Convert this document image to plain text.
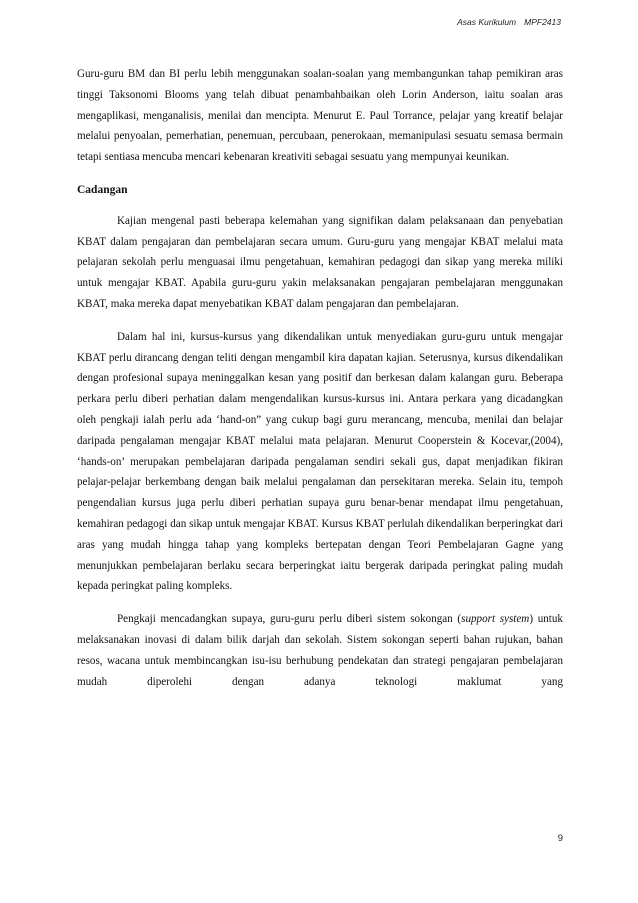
Asas Kurikulum MPF2413

Guru-guru BM dan BI perlu lebih menggunakan soalan-soalan yang membangunkan tahap pemikiran aras tinggi Taksonomi Blooms yang telah dibuat penambahbaikan oleh Lorin Anderson, iaitu soalan aras mengaplikasi, menganalisis, menilai dan mencipta. Menurut E. Paul Torrance, pelajar yang kreatif belajar melalui penyoalan, pemerhatian, penemuan, percubaan, penerokaan, memanipulasi sesuatu semasa bermain tetapi sentiasa mencuba mencari kebenaran kreativiti sebagai sesuatu yang mempunyai keunikan.

Cadangan

Kajian mengenal pasti beberapa kelemahan yang signifikan dalam pelaksanaan dan penyebatian KBAT dalam pengajaran dan pembelajaran secara umum. Guru-guru yang mengajar KBAT melalui mata pelajaran sekolah perlu menguasai ilmu pengetahuan, kemahiran pedagogi dan sikap yang mereka miliki untuk mengajar KBAT. Apabila guru-guru yakin melaksanakan pengajaran pembelajaran menggunakan KBAT, maka mereka dapat menyebatikan KBAT dalam pengajaran dan pembelajaran.

Dalam hal ini, kursus-kursus yang dikendalikan untuk menyediakan guru-guru untuk mengajar KBAT perlu dirancang dengan teliti dengan mengambil kira dapatan kajian. Seterusnya, kursus dikendalikan dengan profesional supaya meninggalkan kesan yang positif dan berkesan dalam kalangan guru. Beberapa perkara perlu diberi perhatian dalam mengendalikan kursus-kursus ini. Antara perkara yang dicadangkan oleh pengkaji ialah perlu ada ‘hand-on” yang cukup bagi guru merancang, mencuba, menilai dan belajar daripada pengalaman mengajar KBAT melalui mata pelajaran. Menurut Cooperstein & Kocevar,(2004), ‘hands-on’ merupakan pembelajaran daripada pengalaman sendiri sekali gus, dapat menjadikan fikiran pelajar-pelajar berkembang dengan baik melalui pengalaman dan persekitaran mereka. Selain itu, tempoh pengendalian kursus juga perlu diberi perhatian supaya guru benar-benar mendapat ilmu pengetahuan, kemahiran pedagogi dan sikap untuk mengajar KBAT. Kursus KBAT perlulah dikendalikan berperingkat dari aras yang mudah hingga tahap yang kompleks bertepatan dengan Teori Pembelajaran Gagne yang menunjukkan pembelajaran berlaku secara berperingkat iaitu bergerak daripada peringkat paling mudah kepada peringkat paling kompleks.

Pengkaji mencadangkan supaya, guru-guru perlu diberi sistem sokongan (support system) untuk melaksanakan inovasi di dalam bilik darjah dan sekolah. Sistem sokongan seperti bahan rujukan, bahan resos, wacana untuk membincangkan isu-isu berhubung pendekatan dan strategi pengajaran pembelajaran mudah diperolehi dengan adanya teknologi maklumat yang

9
